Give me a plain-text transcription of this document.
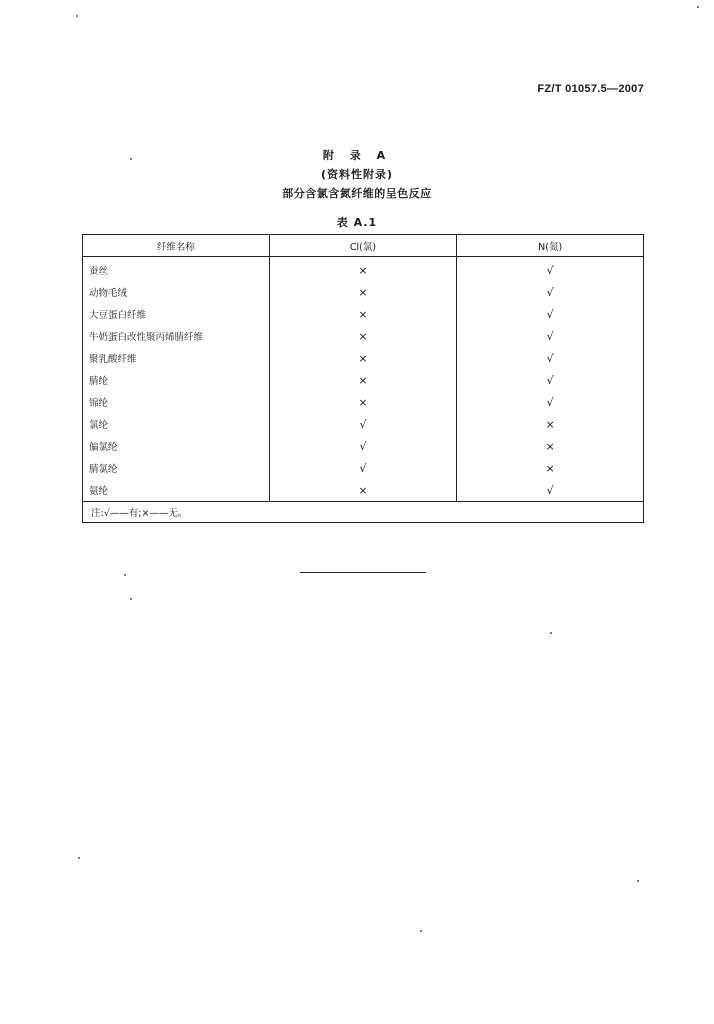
FZ/T 01057.5—2007
附 录 A
(资料性附录)
部分含氯含氮纤维的呈色反应
表 A.1
纤维名称	Cl(氯)	N(氮)
蚕丝	×	√
动物毛绒	×	√
大豆蛋白纤维	×	√
牛奶蛋白改性聚丙烯腈纤维	×	√
聚乳酸纤维	×	√
腈纶	×	√
锦纶	×	√
氯纶	√	×
偏氯纶	√	×
腈氯纶	√	×
氨纶	×	√
注:√——有;×——无。		
